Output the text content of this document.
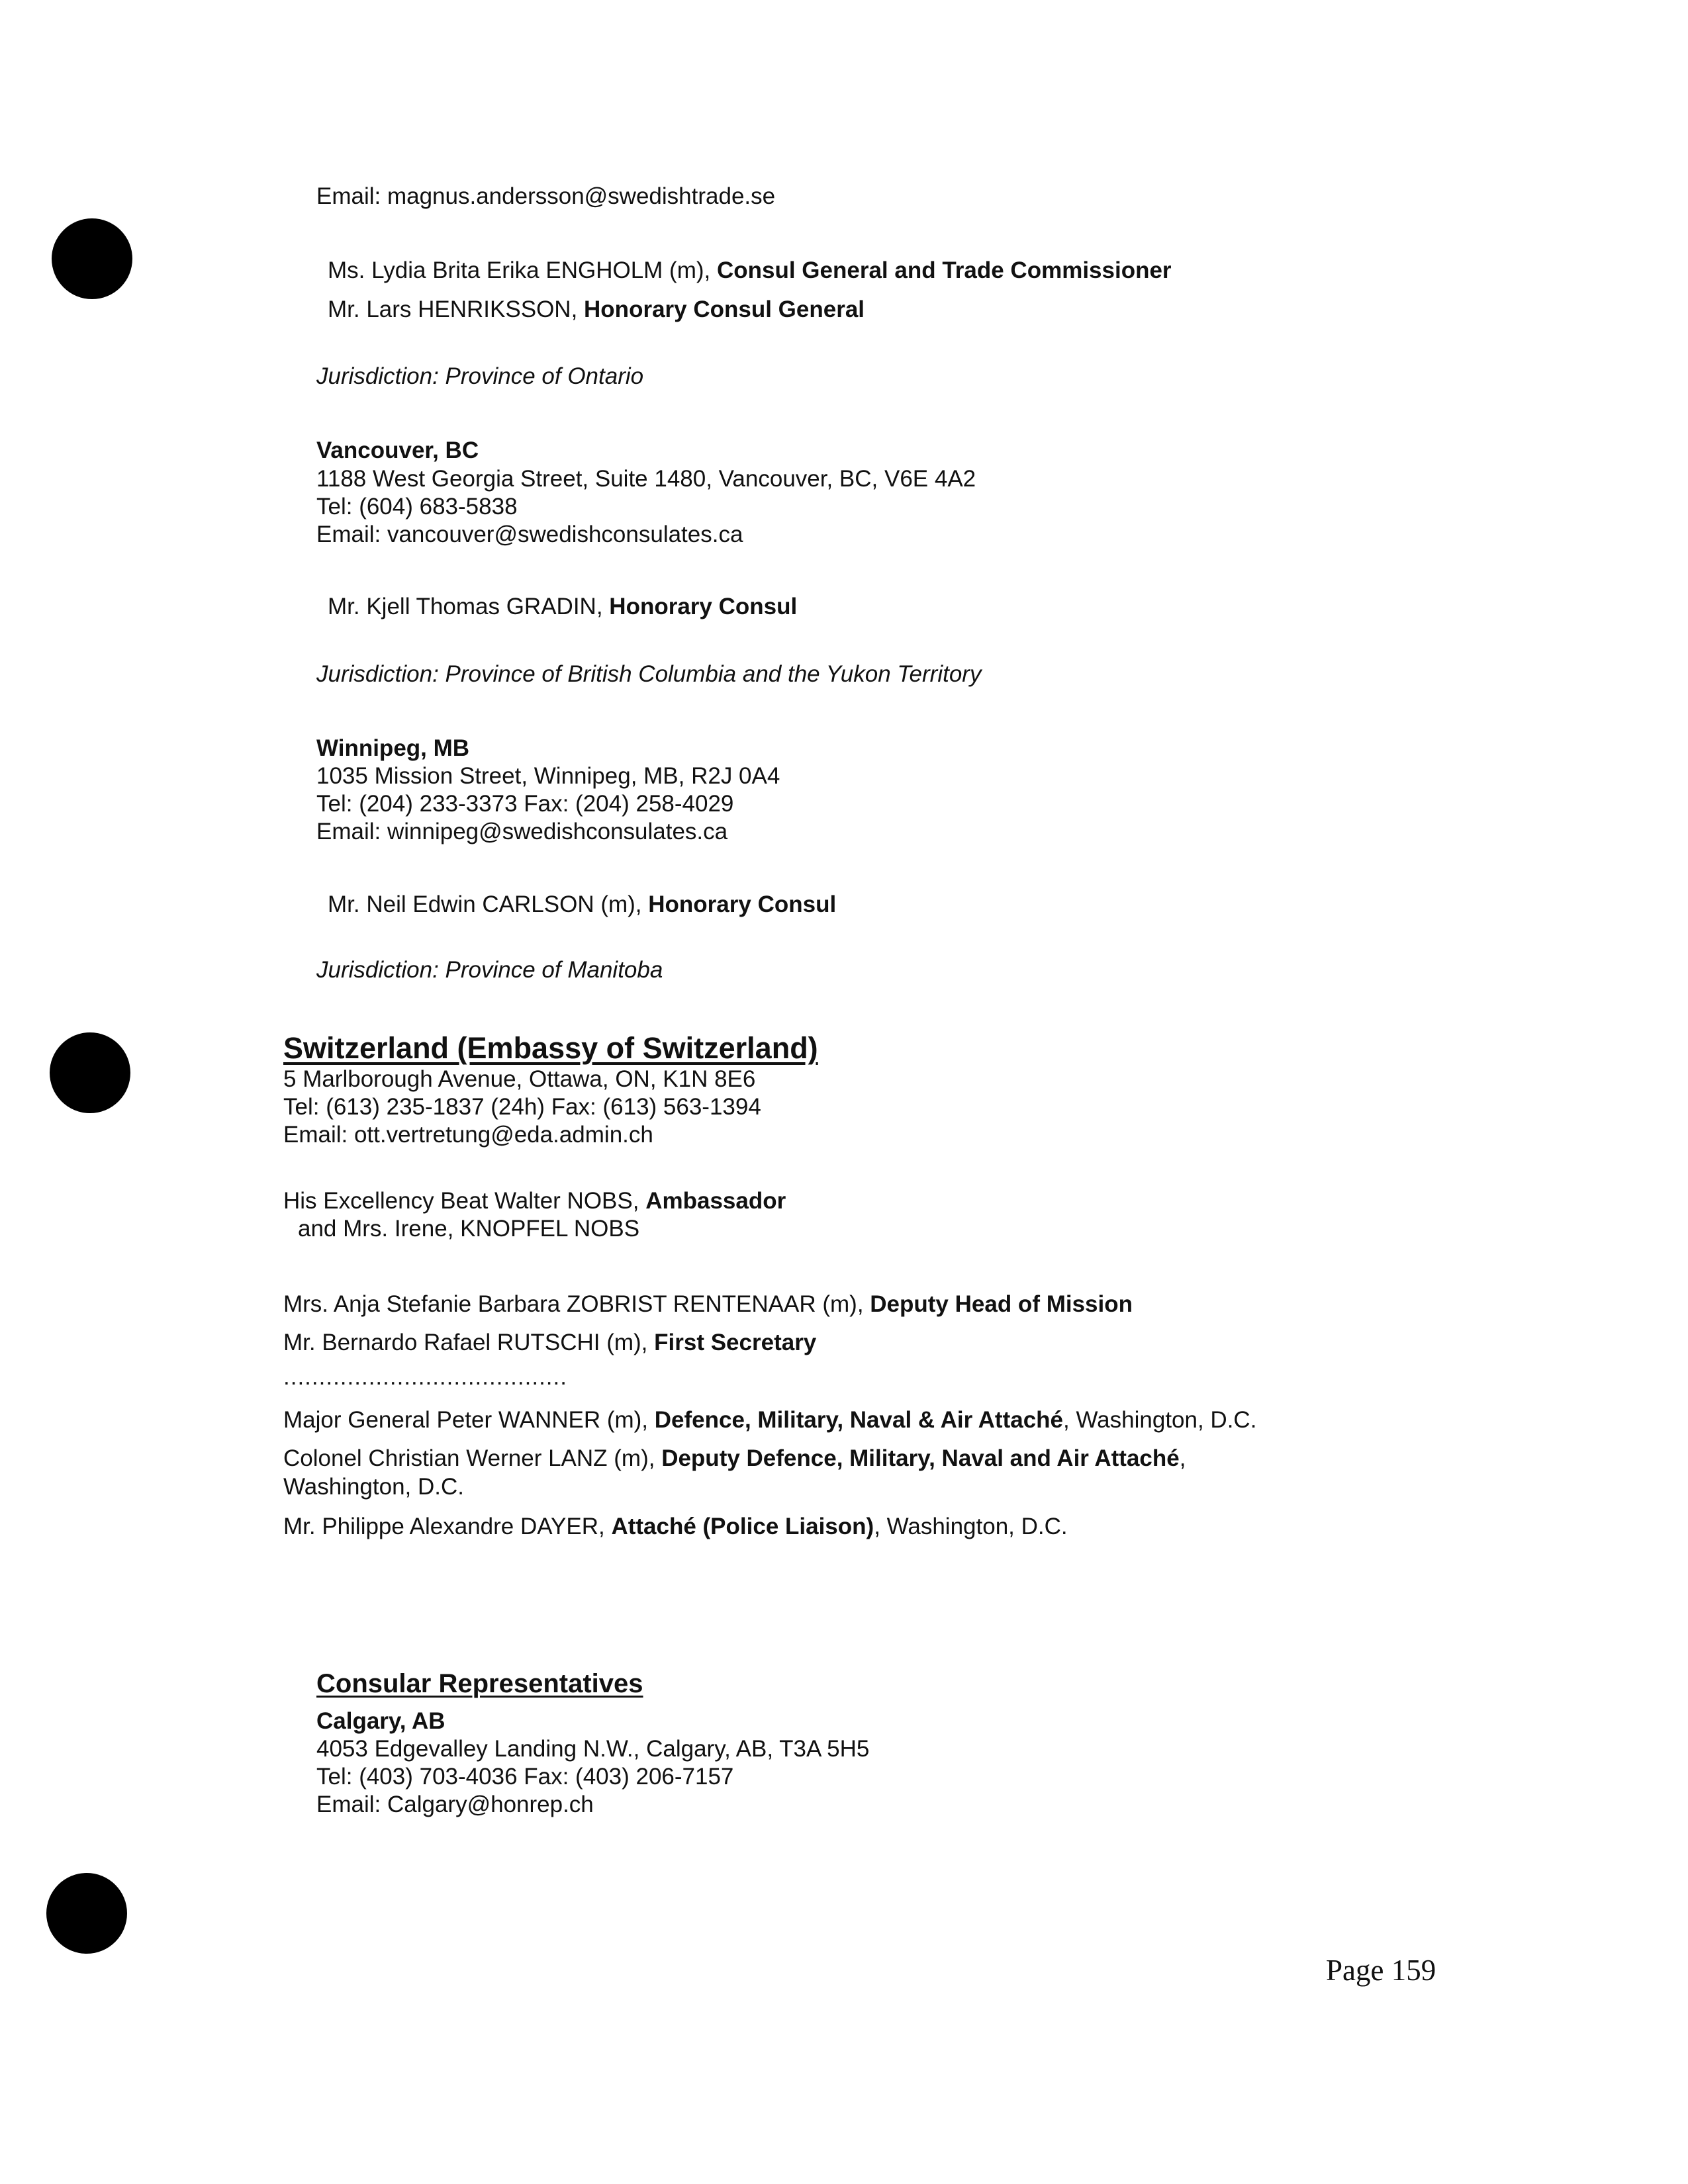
Email: magnus.andersson@swedishtrade.se
Ms. Lydia Brita Erika ENGHOLM (m), Consul General and Trade Commissioner
Mr. Lars HENRIKSSON, Honorary Consul General
Jurisdiction: Province of Ontario
Vancouver, BC
1188 West Georgia Street, Suite 1480, Vancouver, BC, V6E 4A2
Tel: (604) 683-5838
Email: vancouver@swedishconsulates.ca
Mr. Kjell Thomas GRADIN, Honorary Consul
Jurisdiction: Province of British Columbia and the Yukon Territory
Winnipeg, MB
1035 Mission Street, Winnipeg, MB, R2J 0A4
Tel: (204) 233-3373 Fax: (204) 258-4029
Email: winnipeg@swedishconsulates.ca
Mr. Neil Edwin CARLSON (m), Honorary Consul
Jurisdiction: Province of Manitoba
Switzerland (Embassy of Switzerland)
5 Marlborough Avenue, Ottawa, ON, K1N 8E6
Tel: (613) 235-1837 (24h) Fax: (613) 563-1394
Email: ott.vertretung@eda.admin.ch
His Excellency Beat Walter NOBS, Ambassador
and Mrs. Irene, KNOPFEL NOBS
Mrs. Anja Stefanie Barbara ZOBRIST RENTENAAR (m), Deputy Head of Mission
Mr. Bernardo Rafael RUTSCHI (m), First Secretary
........................................
Major General Peter WANNER (m), Defence, Military, Naval & Air Attaché, Washington, D.C.
Colonel Christian Werner LANZ (m), Deputy Defence, Military, Naval and Air Attaché,
Washington, D.C.
Mr. Philippe Alexandre DAYER, Attaché (Police Liaison), Washington, D.C.
Consular Representatives
Calgary, AB
4053 Edgevalley Landing N.W., Calgary, AB, T3A 5H5
Tel: (403) 703-4036 Fax: (403) 206-7157
Email: Calgary@honrep.ch
Page 159
